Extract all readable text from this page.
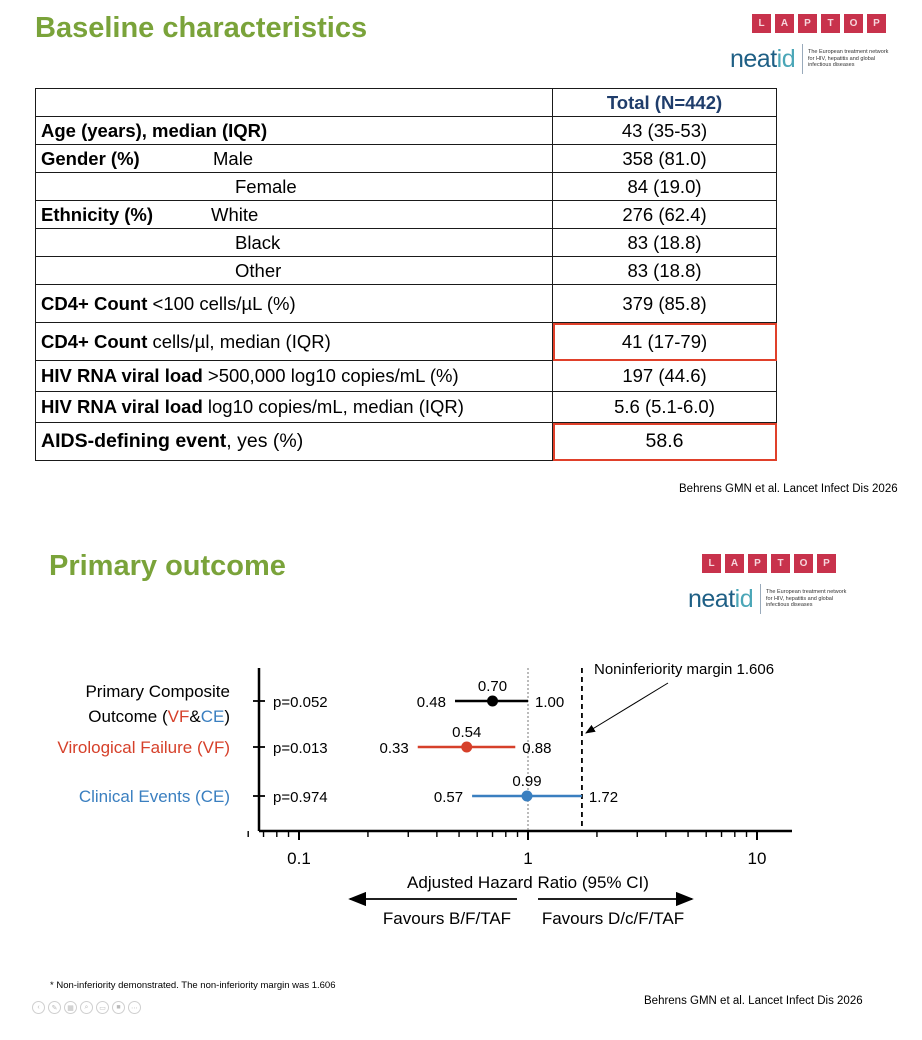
Baseline characteristics	L	A	P	T	O	P
neatid The European treatment network for HIV, hepatitis and global infectious diseases
	Total (N=442)
Age (years), median (IQR)	43 (35-53)
Gender (%) Male	358 (81.0)
Female	84 (19.0)
Ethnicity (%) White	276 (62.4)
Black	83 (18.8)
Other	83 (18.8)
CD4+ Count <100 cells/µL (%)	379 (85.8)
CD4+ Count cells/µl, median (IQR)	41 (17-79)
HIV RNA viral load >500,000 log10 copies/mL (%)	197 (44.6)
HIV RNA viral load log10 copies/mL, median (IQR)	5.6 (5.1-6.0)
AIDS-defining event, yes (%)	58.6
Behrens GMN et al. Lancet Infect Dis 2026
Primary outcome	L	A	P	T	O	P
neatid The European treatment network for HIV, hepatitis and global infectious diseases
Adjusted Hazard Ratio (95% CI)
Favours B/F/TAF Favours D/c/F/TAF
0.1	1	10
Noninferiority margin 1.606
Primary Composite
Outcome (VF&CE)
p=0.052	0.48	1.00
0.70
Virological Failure (VF)	p=0.013	0.33	0.88
0.54
Clinical Events (CE)	p=0.974	0.57	1.72
0.99
Behrens GMN et al. Lancet Infect Dis 2026
* Non-inferiority demonstrated. The non-inferiority margin was 1.606
‹	✎	▦	⌕	▭	■	⋯
